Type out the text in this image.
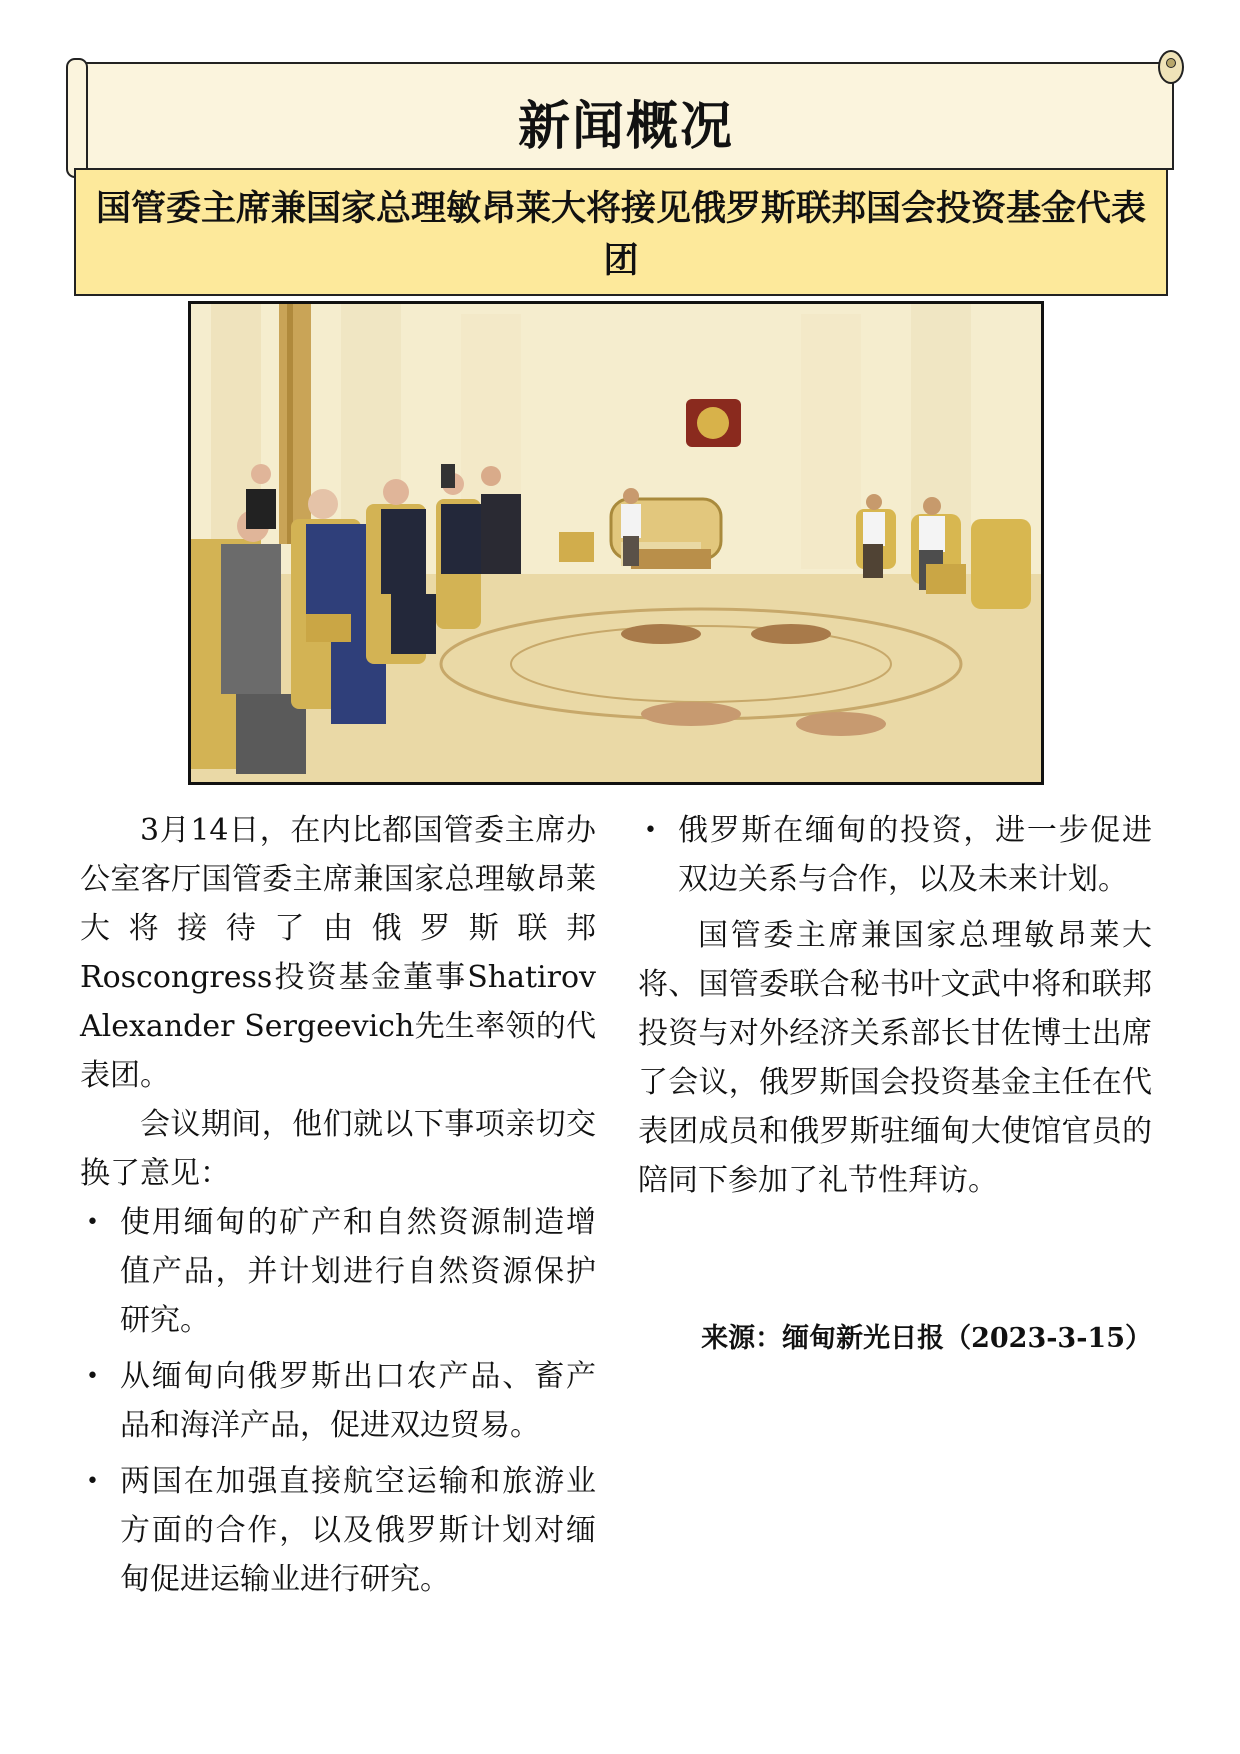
新闻概况
国管委主席兼国家总理敏昂莱大将接见俄罗斯联邦国会投资基金代表团

3月14日，在内比都国管委主席办公室客厅国管委主席兼国家总理敏昂莱大将接待了由俄罗斯联邦Roscongress投资基金董事Shatirov Alexander Sergeevich先生率领的代表团。

会议期间，他们就以下事项亲切交换了意见：

• 使用缅甸的矿产和自然资源制造增值产品，并计划进行自然资源保护研究。
• 从缅甸向俄罗斯出口农产品、畜产品和海洋产品，促进双边贸易。
• 两国在加强直接航空运输和旅游业方面的合作，以及俄罗斯计划对缅甸促进运输业进行研究。
• 俄罗斯在缅甸的投资，进一步促进双边关系与合作，以及未来计划。

国管委主席兼国家总理敏昂莱大将、国管委联合秘书叶文武中将和联邦投资与对外经济关系部长甘佐博士出席了会议，俄罗斯国会投资基金主任在代表团成员和俄罗斯驻缅甸大使馆官员的陪同下参加了礼节性拜访。

来源：缅甸新光日报（2023-3-15）
